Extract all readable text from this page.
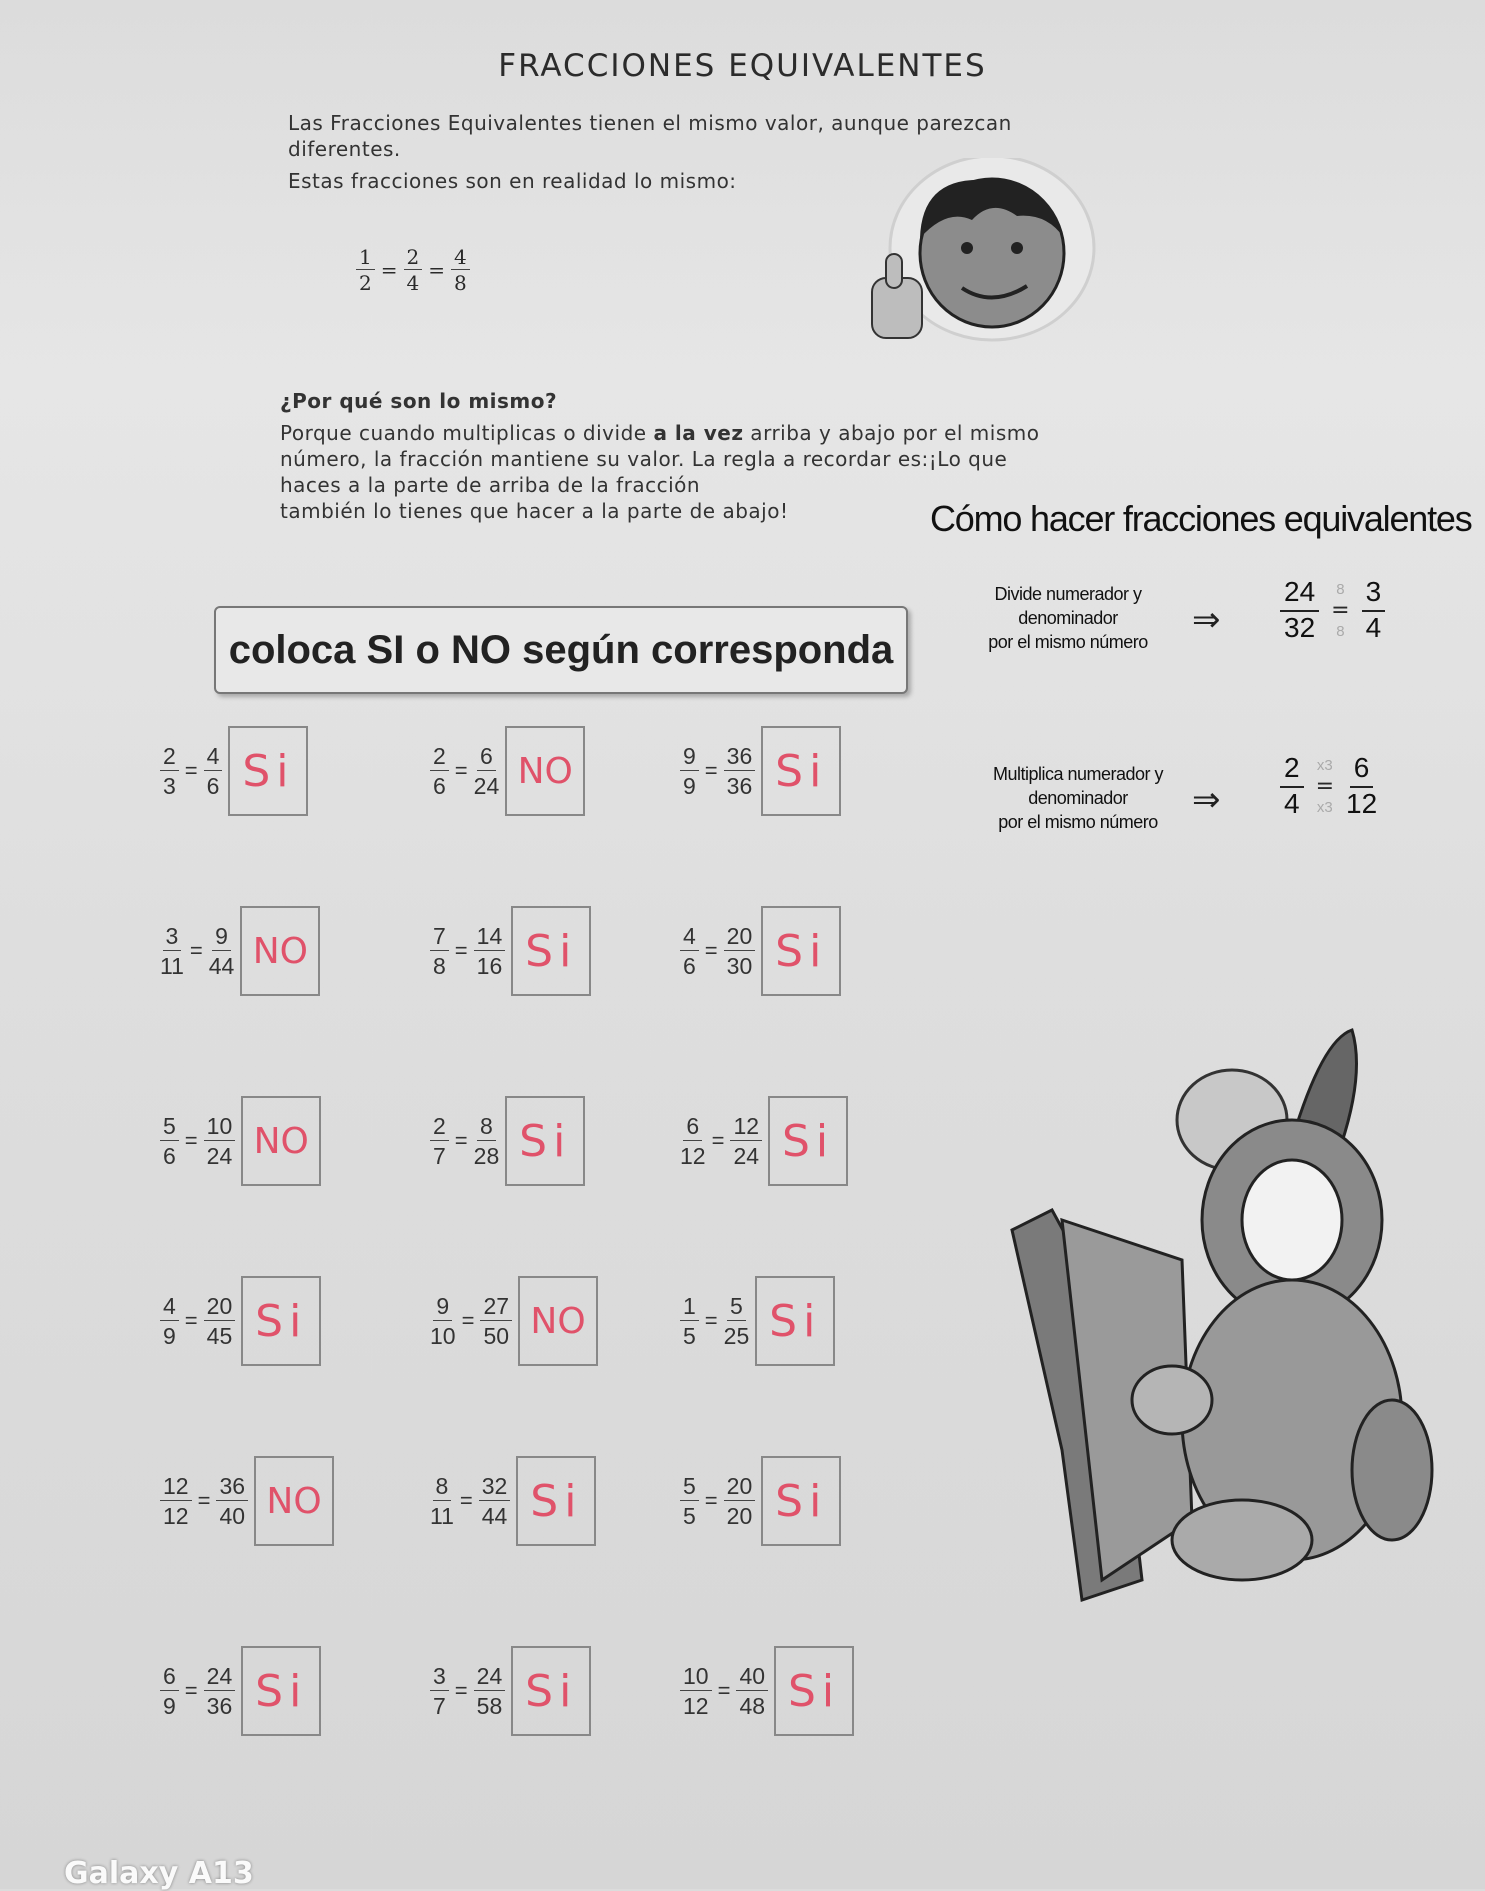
FRACCIONES EQUIVALENTES
Las Fracciones Equivalentes tienen el mismo valor, aunque parezcan
diferentes.
Estas fracciones son en realidad lo mismo:
$\frac{1}{2} = \frac{2}{4} = \frac{4}{8}$
¿Por qué son lo mismo?
Porque cuando multiplicas o divide a la vez arriba y abajo por el mismo
número, la fracción mantiene su valor. La regla a recordar es:¡Lo que
haces a la parte de arriba de la fracción
también lo tienes que hacer a la parte de abajo!	Cómo hacer fracciones equivalentes
Divide numerador y
denominador
por el mismo número
⇒
24
32
8
=
8
3
4
Multiplica numerador y
denominador
por el mismo número
⇒
2
4
x3
=
x3
6
12
coloca SI o NO según corresponda
$\frac{2}{3} = \frac{4}{6}$ Si	$\frac{2}{6} = \frac{6}{24}$ NO	$\frac{9}{9} = \frac{36}{36}$ Si
$\frac{3}{11} = \frac{9}{44}$ NO	$\frac{7}{8} = \frac{14}{16}$ Si	$\frac{4}{6} = \frac{20}{30}$ Si
$\frac{5}{6} = \frac{10}{24}$ NO	$\frac{2}{7} = \frac{8}{28}$ Si	$\frac{6}{12} = \frac{12}{24}$ Si
$\frac{4}{9} = \frac{20}{45}$ Si	$\frac{9}{10} = \frac{27}{50}$ NO	$\frac{1}{5} = \frac{5}{25}$ Si
$\frac{12}{12} = \frac{36}{40}$ NO	$\frac{8}{11} = \frac{32}{44}$ Si	$\frac{5}{5} = \frac{20}{20}$ Si
$\frac{6}{9} = \frac{24}{36}$ Si	$\frac{3}{7} = \frac{24}{58}$ Si	$\frac{10}{12} = \frac{40}{48}$ Si
Galaxy A13
